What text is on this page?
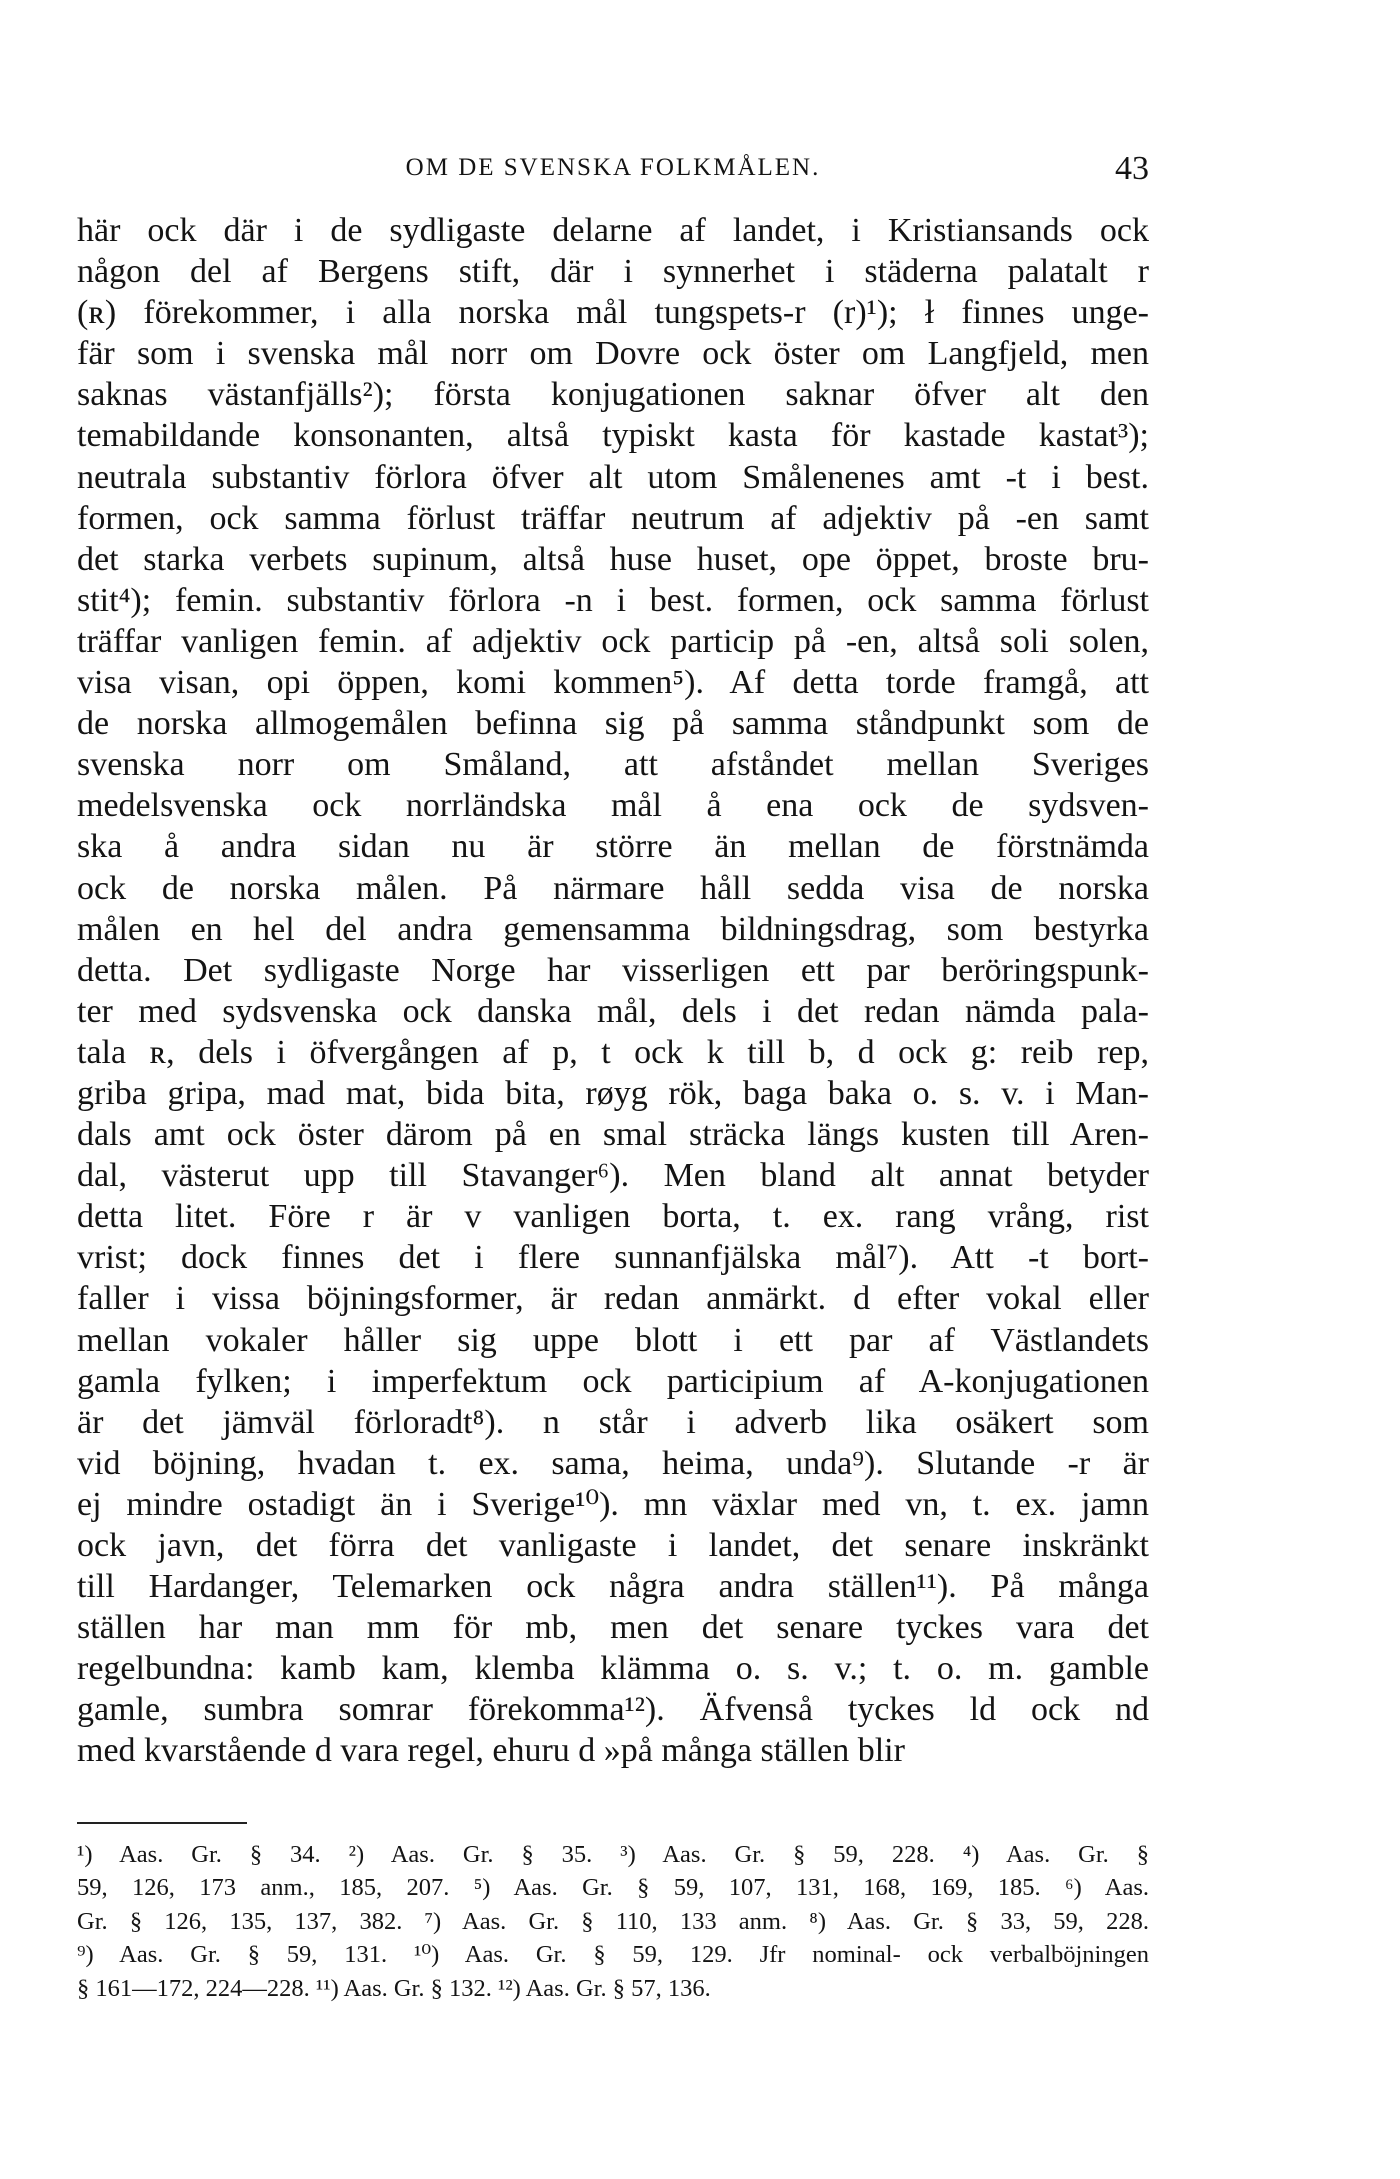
OM DE SVENSKA FOLKMÅLEN.	43
här ock där i de sydligaste delarne af landet, i Kristiansands ock
någon del af Bergens stift, där i synnerhet i städerna palatalt r
(ʀ) förekommer, i alla norska mål tungspets-r (r)¹); ł finnes unge-
fär som i svenska mål norr om Dovre ock öster om Langfjeld, men
saknas västanfjälls²); första konjugationen saknar öfver alt den
temabildande konsonanten, altså typiskt kasta för kastade kastat³);
neutrala substantiv förlora öfver alt utom Smålenenes amt -t i best.
formen, ock samma förlust träffar neutrum af adjektiv på -en samt
det starka verbets supinum, altså huse huset, ope öppet, broste bru-
stit⁴); femin. substantiv förlora -n i best. formen, ock samma förlust
träffar vanligen femin. af adjektiv ock particip på -en, altså soli solen,
visa visan, opi öppen, komi kommen⁵). Af detta torde framgå, att
de norska allmogemålen befinna sig på samma ståndpunkt som de
svenska norr om Småland, att afståndet mellan Sveriges
medelsvenska ock norrländska mål å ena ock de sydsven-
ska å andra sidan nu är större än mellan de förstnämda
ock de norska målen. På närmare håll sedda visa de norska
målen en hel del andra gemensamma bildningsdrag, som bestyrka
detta. Det sydligaste Norge har visserligen ett par beröringspunk-
ter med sydsvenska ock danska mål, dels i det redan nämda pala-
tala ʀ, dels i öfvergången af p, t ock k till b, d ock g: reib rep,
griba gripa, mad mat, bida bita, røyg rök, baga baka o. s. v. i Man-
dals amt ock öster därom på en smal sträcka längs kusten till Aren-
dal, västerut upp till Stavanger⁶). Men bland alt annat betyder
detta litet. Före r är v vanligen borta, t. ex. rang vrång, rist
vrist; dock finnes det i flere sunnanfjälska mål⁷). Att -t bort-
faller i vissa böjningsformer, är redan anmärkt. d efter vokal eller
mellan vokaler håller sig uppe blott i ett par af Västlandets
gamla fylken; i imperfektum ock participium af A-konjugationen
är det jämväl förloradt⁸). n står i adverb lika osäkert som
vid böjning, hvadan t. ex. sama, heima, unda⁹). Slutande -r är
ej mindre ostadigt än i Sverige¹⁰). mn växlar med vn, t. ex. jamn
ock javn, det förra det vanligaste i landet, det senare inskränkt
till Hardanger, Telemarken ock några andra ställen¹¹). På många
ställen har man mm för mb, men det senare tyckes vara det
regelbundna: kamb kam, klemba klämma o. s. v.; t. o. m. gamble
gamle, sumbra somrar förekomma¹²). Äfvenså tyckes ld ock nd
med kvarstående d vara regel, ehuru d »på många ställen blir
¹) Aas. Gr. § 34. ²) Aas. Gr. § 35. ³) Aas. Gr. § 59, 228. ⁴) Aas. Gr. §
59, 126, 173 anm., 185, 207. ⁵) Aas. Gr. § 59, 107, 131, 168, 169, 185. ⁶) Aas.
Gr. § 126, 135, 137, 382. ⁷) Aas. Gr. § 110, 133 anm. ⁸) Aas. Gr. § 33, 59, 228.
⁹) Aas. Gr. § 59, 131. ¹⁰) Aas. Gr. § 59, 129. Jfr nominal- ock verbalböjningen
§ 161—172, 224—228. ¹¹) Aas. Gr. § 132. ¹²) Aas. Gr. § 57, 136.
